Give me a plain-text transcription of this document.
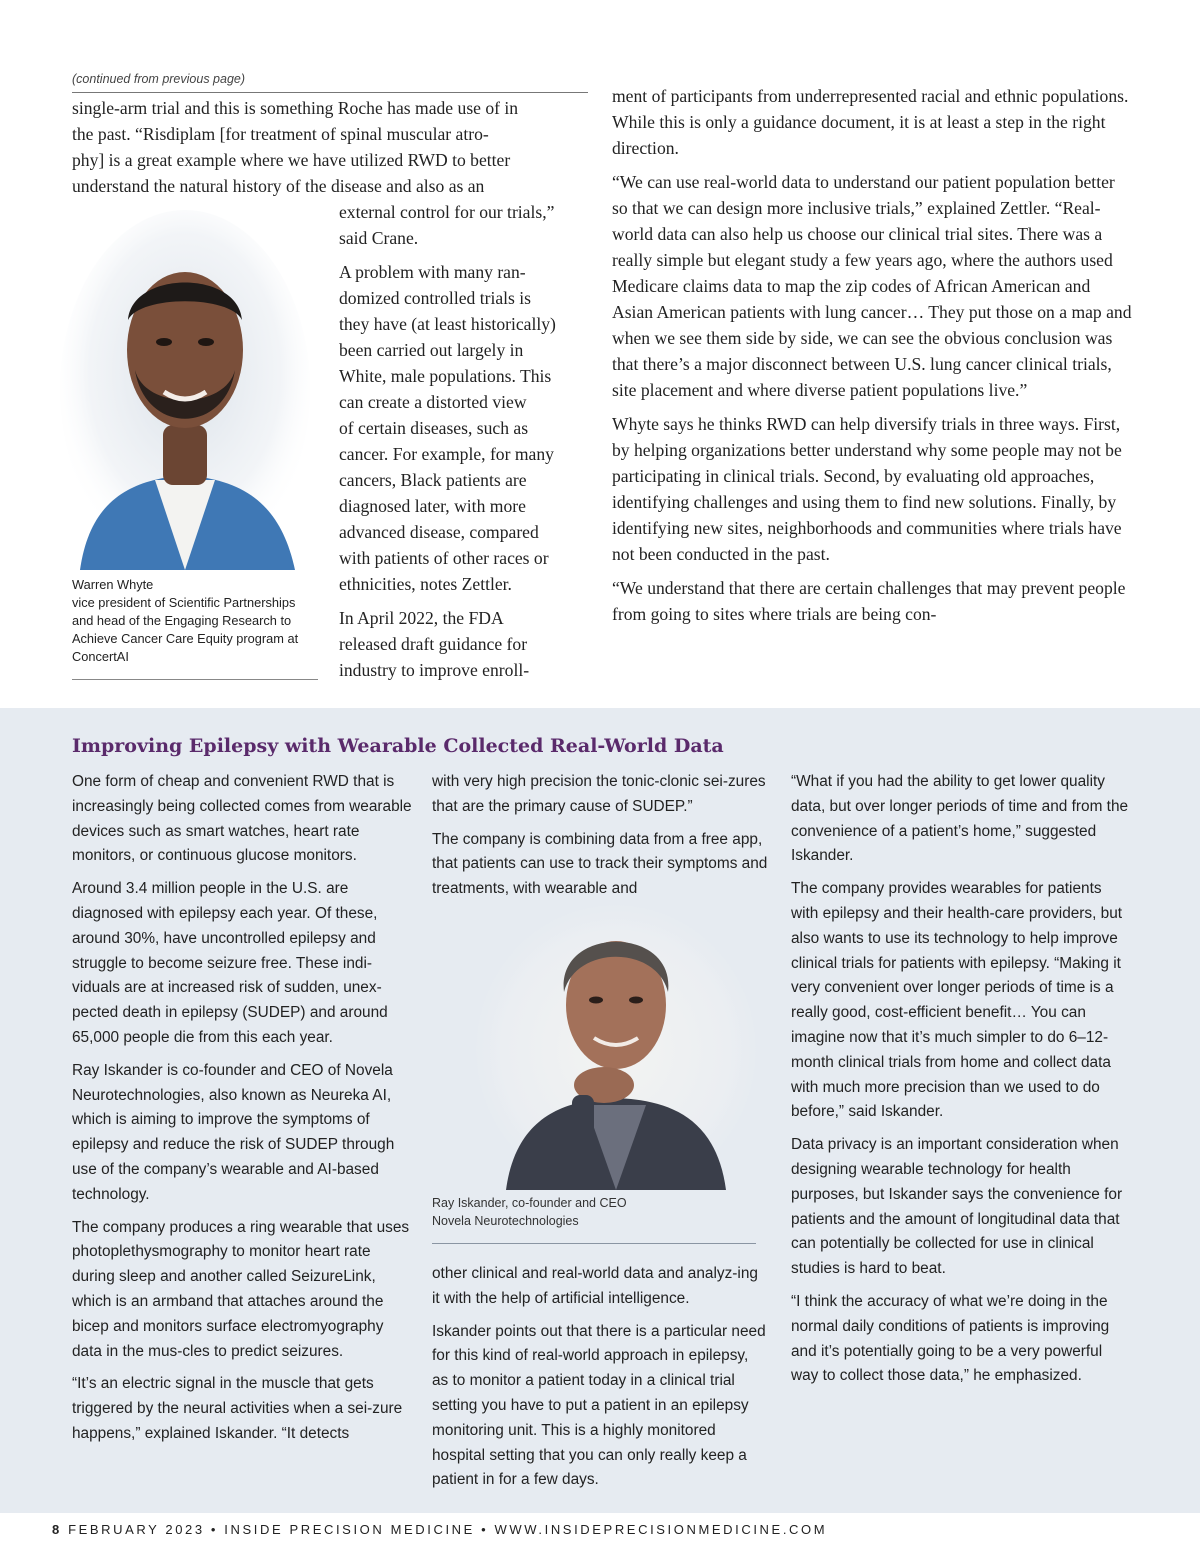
(continued from previous page)
single-arm trial and this is something Roche has made use of in
the past. “Risdiplam [for treatment of spinal muscular atro-
phy] is a great example where we have utilized RWD to better
understand the natural history of the disease and also as an
external control for our trials,”
said Crane.
A problem with many ran-
domized controlled trials is
they have (at least historically)
been carried out largely in
White, male populations. This
can create a distorted view
of certain diseases, such as
cancer. For example, for many
cancers, Black patients are
diagnosed later, with more
advanced disease, compared
with patients of other races or
ethnicities, notes Zettler.
In April 2022, the FDA
released draft guidance for
industry to improve enroll-
Warren Whyte
vice president of Scientific Partnerships
and head of the Engaging Research to
Achieve Cancer Care Equity program at
ConcertAI

ment of participants from underrepresented racial and ethnic populations. While this is only a guidance document, it is at least a step in the right direction.

“We can use real-world data to understand our patient population better so that we can design more inclusive trials,” explained Zettler. “Real-world data can also help us choose our clinical trial sites. There was a really simple but elegant study a few years ago, where the authors used Medicare claims data to map the zip codes of African American and Asian American patients with lung cancer… They put those on a map and when we see them side by side, we can see the obvious conclusion was that there’s a major disconnect between U.S. lung cancer clinical trials, site placement and where diverse patient populations live.”

Whyte says he thinks RWD can help diversify trials in three ways. First, by helping organizations better understand why some people may not be participating in clinical trials. Second, by evaluating old approaches, identifying challenges and using them to find new solutions. Finally, by identifying new sites, neighborhoods and communities where trials have not been conducted in the past.

“We understand that there are certain challenges that may prevent people from going to sites where trials are being con-

Improving Epilepsy with Wearable Collected Real-World Data

One form of cheap and convenient RWD that is increasingly being collected comes from wearable devices such as smart watches, heart rate monitors, or continuous glucose monitors.

Around 3.4 million people in the U.S. are diagnosed with epilepsy each year. Of these, around 30%, have uncontrolled epilepsy and struggle to become seizure free. These indi-viduals are at increased risk of sudden, unex-pected death in epilepsy (SUDEP) and around 65,000 people die from this each year.

Ray Iskander is co-founder and CEO of Novela Neurotechnologies, also known as Neureka AI, which is aiming to improve the symptoms of epilepsy and reduce the risk of SUDEP through use of the company’s wearable and AI-based technology.

The company produces a ring wearable that uses photoplethysmography to monitor heart rate during sleep and another called SeizureLink, which is an armband that attaches around the bicep and monitors surface electromyography data in the mus-cles to predict seizures.

“It’s an electric signal in the muscle that gets triggered by the neural activities when a sei-zure happens,” explained Iskander. “It detects

with very high precision the tonic-clonic sei-zures that are the primary cause of SUDEP.”

The company is combining data from a free app, that patients can use to track their symptoms and treatments, with wearable and

Ray Iskander, co-founder and CEO
Novela Neurotechnologies

other clinical and real-world data and analyz-ing it with the help of artificial intelligence.

Iskander points out that there is a particular need for this kind of real-world approach in epilepsy, as to monitor a patient today in a clinical trial setting you have to put a patient in an epilepsy monitoring unit. This is a highly monitored hospital setting that you can only really keep a patient in for a few days.

“What if you had the ability to get lower quality data, but over longer periods of time and from the convenience of a patient’s home,” suggested Iskander.

The company provides wearables for patients with epilepsy and their health-care providers, but also wants to use its technology to help improve clinical trials for patients with epilepsy. “Making it very convenient over longer periods of time is a really good, cost-efficient benefit… You can imagine now that it’s much simpler to do 6–12-month clinical trials from home and collect data with much more precision than we used to do before,” said Iskander.

Data privacy is an important consideration when designing wearable technology for health purposes, but Iskander says the convenience for patients and the amount of longitudinal data that can potentially be collected for use in clinical studies is hard to beat.

“I think the accuracy of what we’re doing in the normal daily conditions of patients is improving and it’s potentially going to be a very powerful way to collect those data,” he emphasized.

8 FEBRUARY 2023 • INSIDE PRECISION MEDICINE • WWW.INSIDEPRECISIONMEDICINE.COM
